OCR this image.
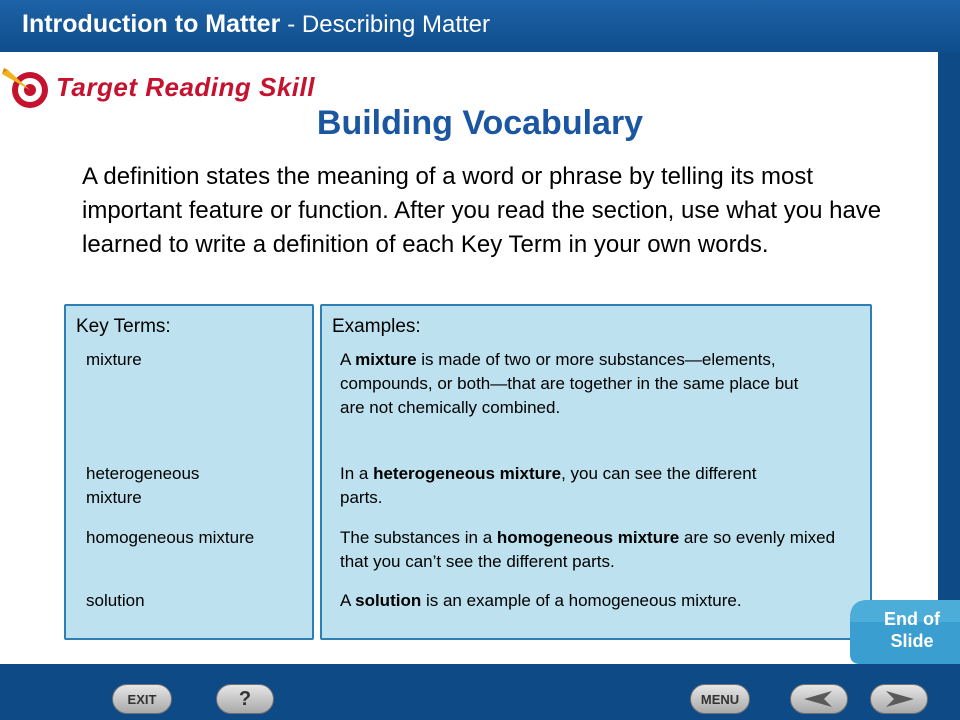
Introduction to Matter - Describing Matter
Target Reading Skill
Building Vocabulary
A definition states the meaning of a word or phrase by telling its most important feature or function. After you read the section, use what you have learned to write a definition of each Key Term in your own words.
Key Terms:
mixture
heterogeneous mixture
homogeneous mixture
solution
Examples:
A mixture is made of two or more substances—elements, compounds, or both—that are together in the same place but are not chemically combined.
In a heterogeneous mixture, you can see the different parts.
The substances in a homogeneous mixture are so evenly mixed that you can’t see the different parts.
A solution is an example of a homogeneous mixture.
End of
Slide
EXIT	?	MENU
